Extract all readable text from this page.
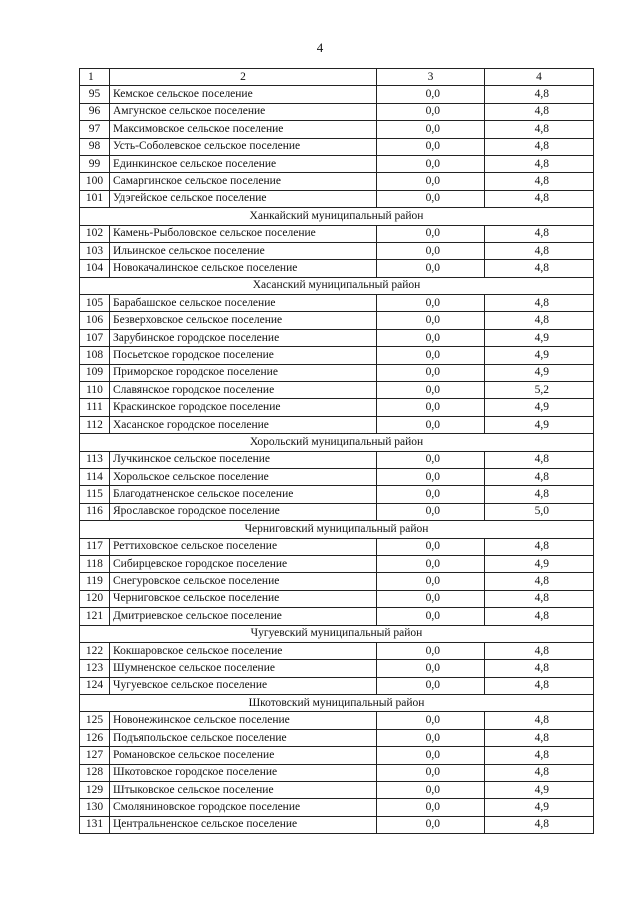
4
1	2	3	4
95	Кемское сельское поселение	0,0	4,8
96	Амгунское сельское поселение	0,0	4,8
97	Максимовское сельское поселение	0,0	4,8
98	Усть-Соболевское сельское поселение	0,0	4,8
99	Единкинское сельское поселение	0,0	4,8
100	Самаргинское сельское поселение	0,0	4,8
101	Удэгейское сельское поселение	0,0	4,8
Ханкайский муниципальный район			
102	Камень-Рыболовское сельское поселение	0,0	4,8
103	Ильинское сельское поселение	0,0	4,8
104	Новокачалинское сельское поселение	0,0	4,8
Хасанский муниципальный район			
105	Барабашское сельское поселение	0,0	4,8
106	Безверховское сельское поселение	0,0	4,8
107	Зарубинское городское поселение	0,0	4,9
108	Посьетское городское поселение	0,0	4,9
109	Приморское городское поселение	0,0	4,9
110	Славянское городское поселение	0,0	5,2
111	Краскинское городское поселение	0,0	4,9
112	Хасанское городское поселение	0,0	4,9
Хорольский муниципальный район			
113	Лучкинское сельское поселение	0,0	4,8
114	Хорольское сельское поселение	0,0	4,8
115	Благодатненское сельское поселение	0,0	4,8
116	Ярославское городское поселение	0,0	5,0
Черниговский муниципальный район			
117	Реттиховское сельское поселение	0,0	4,8
118	Сибирцевское городское поселение	0,0	4,9
119	Снегуровское сельское поселение	0,0	4,8
120	Черниговское сельское поселение	0,0	4,8
121	Дмитриевское сельское поселение	0,0	4,8
Чугуевский муниципальный район			
122	Кокшаровское сельское поселение	0,0	4,8
123	Шумненское сельское поселение	0,0	4,8
124	Чугуевское сельское поселение	0,0	4,8
Шкотовский муниципальный район			
125	Новонежинское сельское поселение	0,0	4,8
126	Подъяпольское сельское поселение	0,0	4,8
127	Романовское сельское поселение	0,0	4,8
128	Шкотовское городское поселение	0,0	4,8
129	Штыковское сельское поселение	0,0	4,9
130	Смоляниновское городское поселение	0,0	4,9
131	Центральненское сельское поселение	0,0	4,8
